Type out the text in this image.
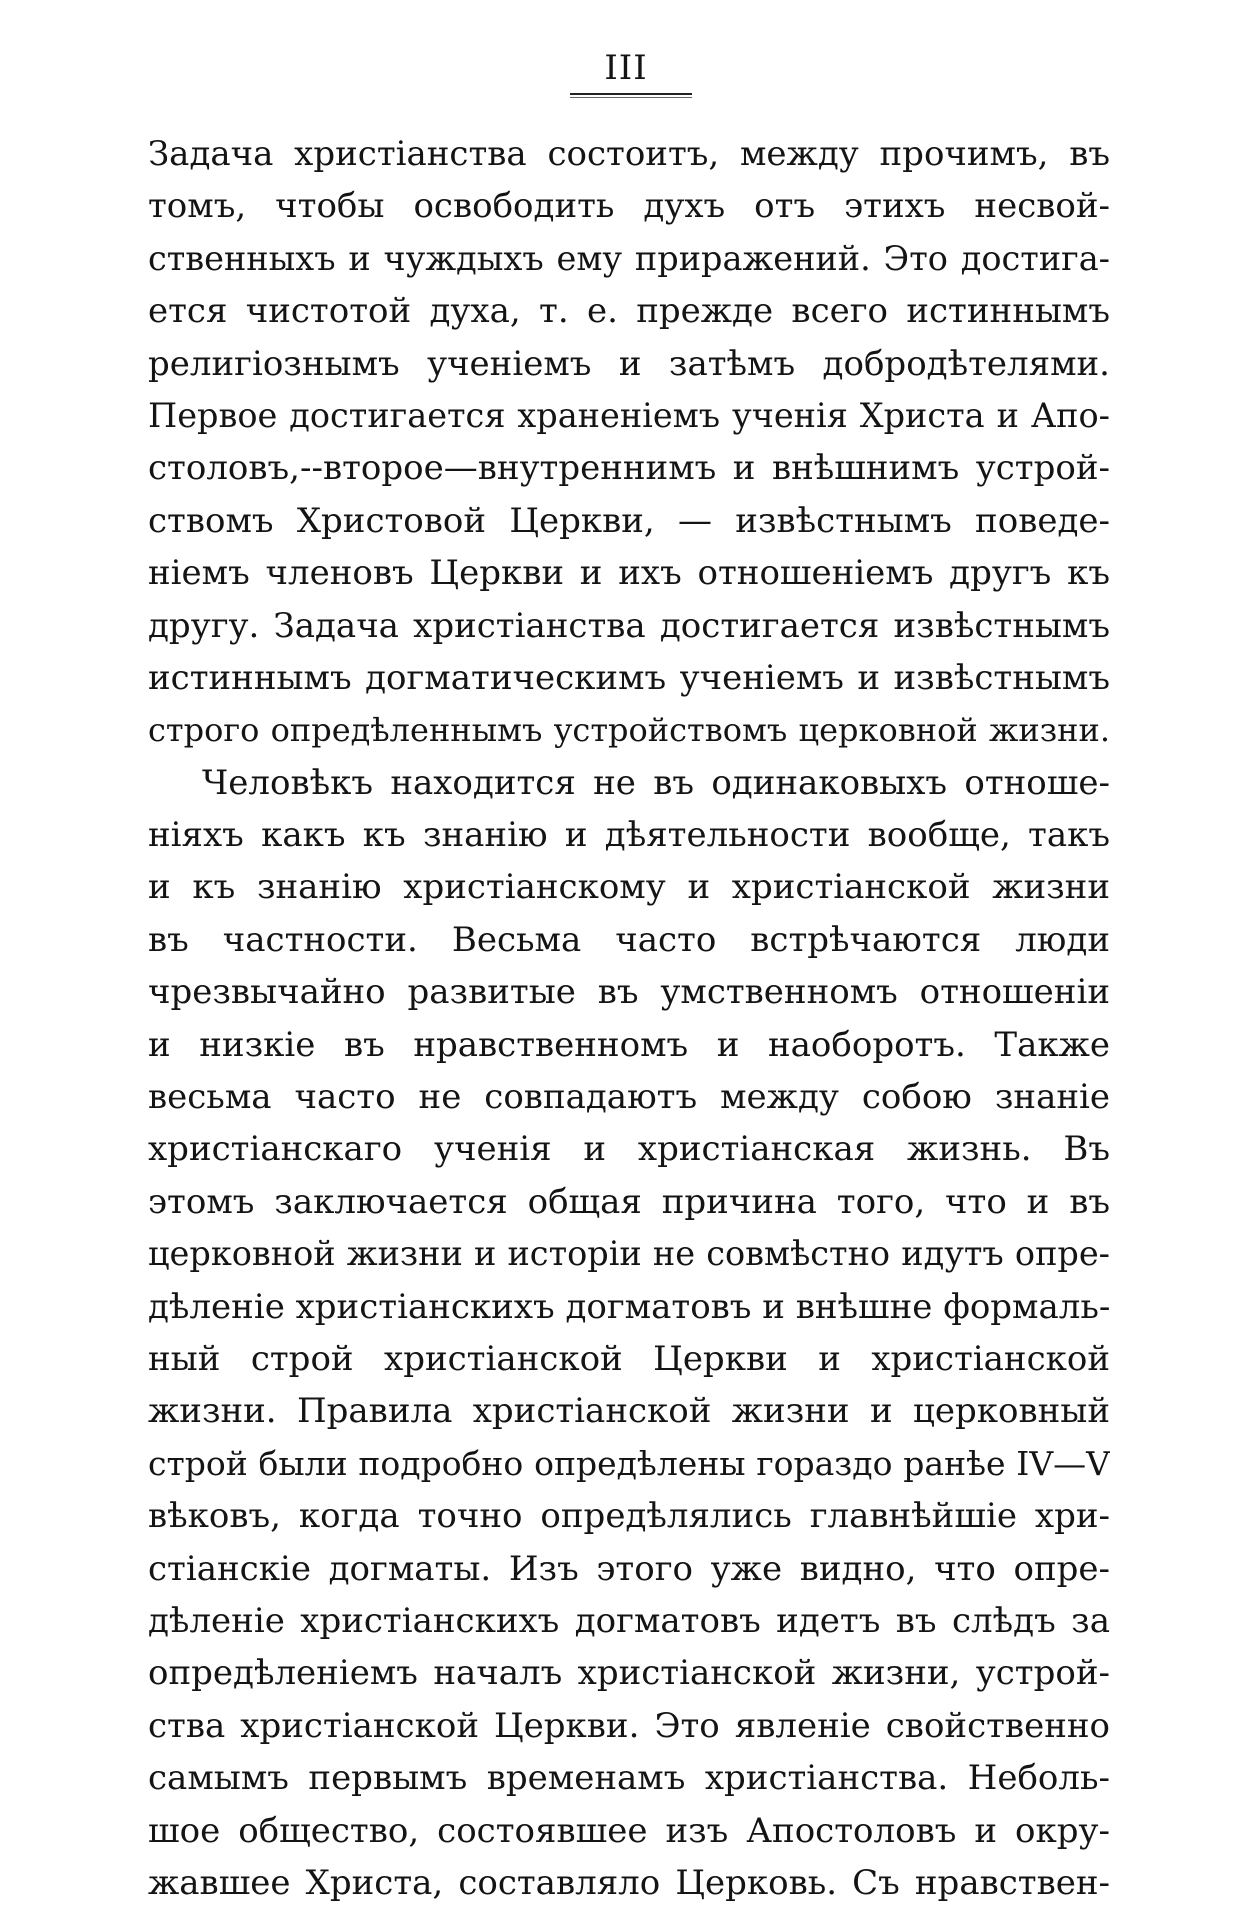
III
Задача христіанства состоитъ, между прочимъ, въ
томъ, чтобы освободить духъ отъ этихъ несвой-
ственныхъ и чуждыхъ ему приражений. Это достига-
ется чистотой духа, т. е. прежде всего истиннымъ
религіознымъ ученіемъ и затѣмъ добродѣтелями.
Первое достигается храненіемъ ученія Христа и Апо-
столовъ,--второе—внутреннимъ и внѣшнимъ устрой-
ствомъ Христовой Церкви, — извѣстнымъ поведе-
ніемъ членовъ Церкви и ихъ отношеніемъ другъ къ
другу. Задача христіанства достигается извѣстнымъ
истиннымъ догматическимъ ученіемъ и извѣстнымъ
строго опредѣленнымъ устройствомъ церковной жизни.
Человѣкъ находится не въ одинаковыхъ отноше-
ніяхъ какъ къ знанію и дѣятельности вообще, такъ
и къ знанію христіанскому и христіанской жизни
въ частности. Весьма часто встрѣчаются люди
чрезвычайно развитые въ умственномъ отношеніи
и низкіе въ нравственномъ и наоборотъ. Также
весьма часто не совпадаютъ между собою знаніе
христіанскаго ученія и христіанская жизнь. Въ
этомъ заключается общая причина того, что и въ
церковной жизни и исторіи не совмѣстно идутъ опре-
дѣленіе христіанскихъ догматовъ и внѣшне формаль-
ный строй христіанской Церкви и христіанской
жизни. Правила христіанской жизни и церковный
строй были подробно опредѣлены гораздо ранѣе IV—V
вѣковъ, когда точно опредѣлялись главнѣйшіе хри-
стіанскіе догматы. Изъ этого уже видно, что опре-
дѣленіе христіанскихъ догматовъ идетъ въ слѣдъ за
опредѣленіемъ началъ христіанской жизни, устрой-
ства христіанской Церкви. Это явленіе свойственно
самымъ первымъ временамъ христіанства. Неболь-
шое общество, состоявшее изъ Апостоловъ и окру-
жавшее Христа, составляло Церковь. Съ нравствен-
